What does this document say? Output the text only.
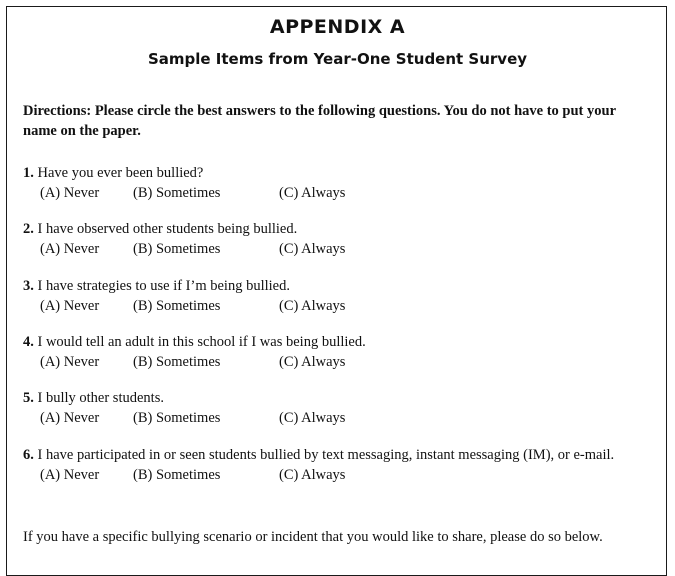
APPENDIX A
Sample Items from Year-One Student Survey
Directions: Please circle the best answers to the following questions. You do not have to put your name on the paper.
1. Have you ever been bullied?
(A) Never (B) Sometimes	(C) Always
2. I have observed other students being bullied.
(A) Never (B) Sometimes	(C) Always
3. I have strategies to use if I’m being bullied.
(A) Never (B) Sometimes	(C) Always
4. I would tell an adult in this school if I was being bullied.
(A) Never (B) Sometimes	(C) Always
5. I bully other students.
(A) Never (B) Sometimes	(C) Always
6. I have participated in or seen students bullied by text messaging, instant messaging (IM), or e-mail.
(A) Never (B) Sometimes	(C) Always
If you have a specific bullying scenario or incident that you would like to share, please do so below.
